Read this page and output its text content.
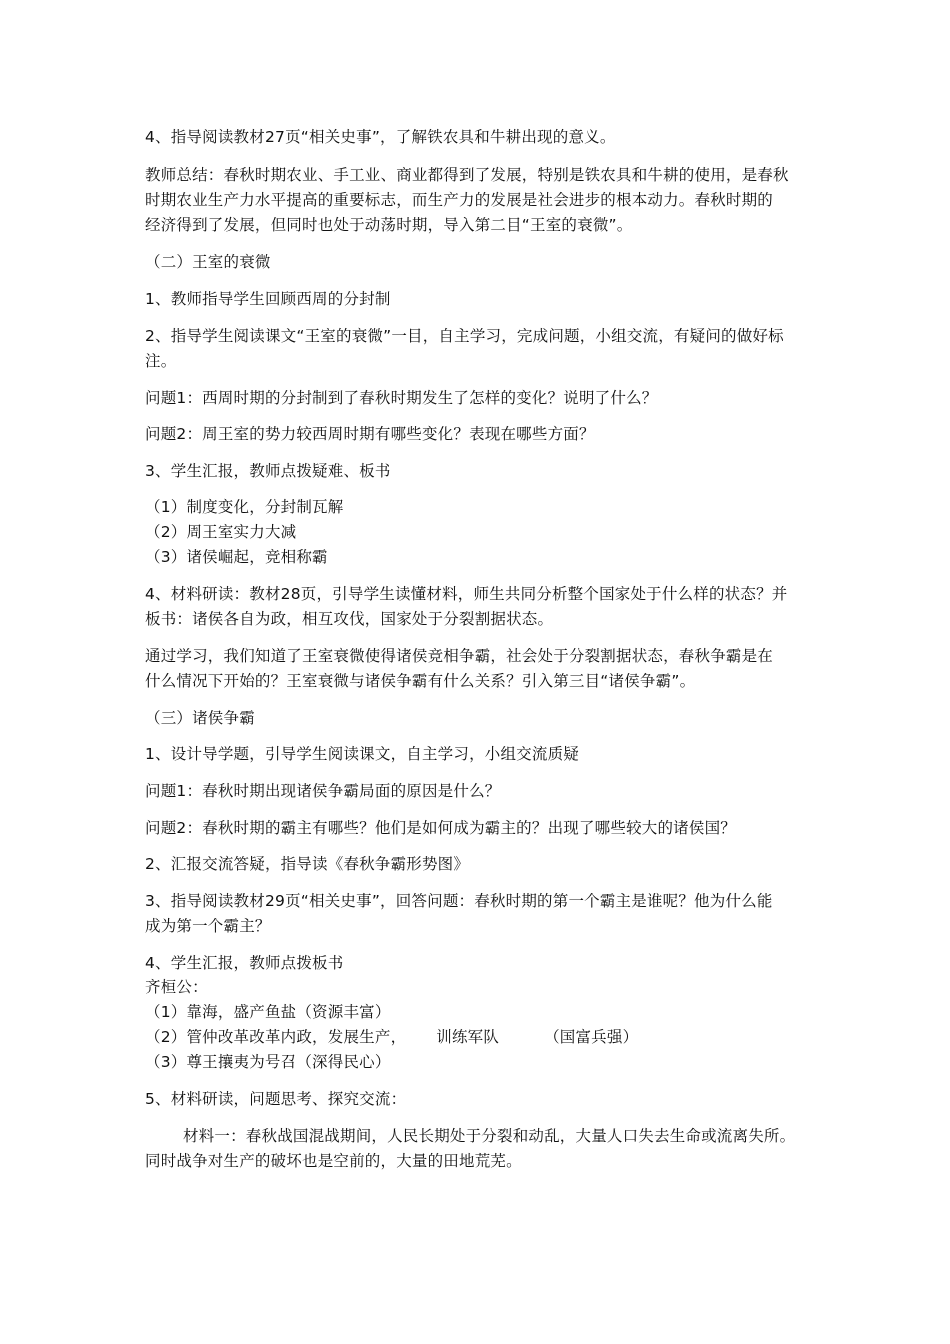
4、指导阅读教材27页“相关史事”，了解铁农具和牛耕出现的意义。
教师总结：春秋时期农业、手工业、商业都得到了发展，特别是铁农具和牛耕的使用，是春秋
时期农业生产力水平提高的重要标志，而生产力的发展是社会进步的根本动力。春秋时期的
经济得到了发展，但同时也处于动荡时期，导入第二目“王室的衰微”。
（二）王室的衰微
1、教师指导学生回顾西周的分封制
2、指导学生阅读课文“王室的衰微”一目，自主学习，完成问题，小组交流，有疑问的做好标
注。
问题1：西周时期的分封制到了春秋时期发生了怎样的变化？说明了什么？
问题2：周王室的势力较西周时期有哪些变化？表现在哪些方面？
3、学生汇报，教师点拨疑难、板书
（1）制度变化，分封制瓦解
（2）周王室实力大减
（3）诸侯崛起，竞相称霸
4、材料研读：教材28页，引导学生读懂材料，师生共同分析整个国家处于什么样的状态？并
板书：诸侯各自为政，相互攻伐，国家处于分裂割据状态。
通过学习，我们知道了王室衰微使得诸侯竞相争霸，社会处于分裂割据状态，春秋争霸是在
什么情况下开始的？王室衰微与诸侯争霸有什么关系？引入第三目“诸侯争霸”。
（三）诸侯争霸
1、设计导学题，引导学生阅读课文，自主学习，小组交流质疑
问题1：春秋时期出现诸侯争霸局面的原因是什么？
问题2：春秋时期的霸主有哪些？他们是如何成为霸主的？出现了哪些较大的诸侯国？
2、汇报交流答疑，指导读《春秋争霸形势图》
3、指导阅读教材29页“相关史事”，回答问题：春秋时期的第一个霸主是谁呢？他为什么能
成为第一个霸主？
4、学生汇报，教师点拨板书
齐桓公：
（1）靠海，盛产鱼盐（资源丰富）
（2）管仲改革改革内政，发展生产， 训练军队	（国富兵强）
（3）尊王攘夷为号召（深得民心）
5、材料研读，问题思考、探究交流：
材料一：春秋战国混战期间，人民长期处于分裂和动乱，大量人口失去生命或流离失所。
同时战争对生产的破坏也是空前的，大量的田地荒芜。
